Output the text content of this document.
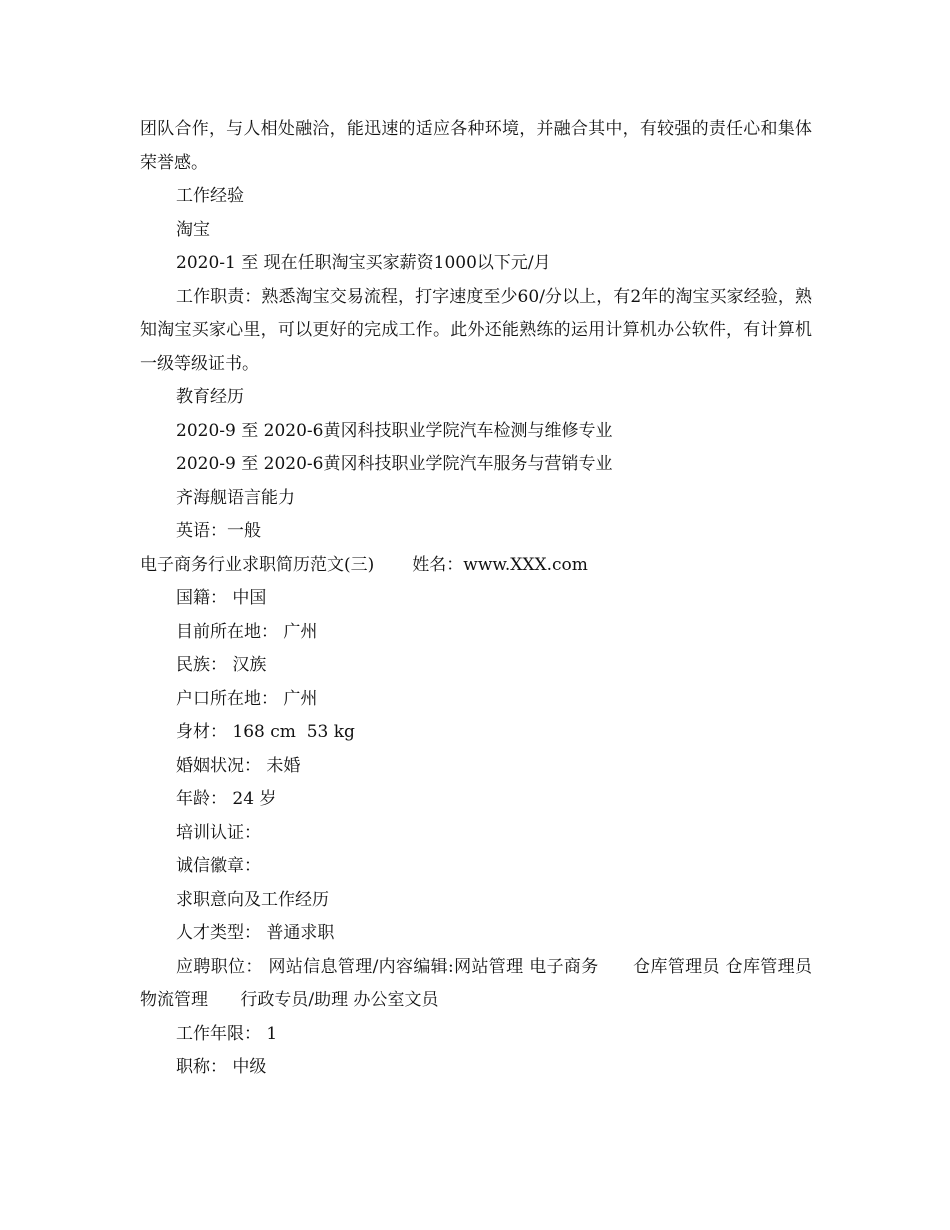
团队合作，与人相处融洽，能迅速的适应各种环境，并融合其中，有较强的责任心和集体荣誉感。

工作经验

淘宝

2020-1 至 现在任职淘宝买家薪资1000以下元/月

工作职责：熟悉淘宝交易流程，打字速度至少60/分以上，有2年的淘宝买家经验，熟知淘宝买家心里，可以更好的完成工作。此外还能熟练的运用计算机办公软件，有计算机一级等级证书。

教育经历

2020-9 至 2020-6黄冈科技职业学院汽车检测与维修专业

2020-9 至 2020-6黄冈科技职业学院汽车服务与营销专业

齐海舰语言能力

英语：一般

电子商务行业求职简历范文(三) 姓名：www.XXX.com

国籍： 中国

目前所在地： 广州

民族： 汉族

户口所在地： 广州

身材： 168 cm  53 kg

婚姻状况： 未婚

年龄： 24 岁

培训认证：

诚信徽章：

求职意向及工作经历

人才类型： 普通求职

应聘职位： 网站信息管理/内容编辑:网站管理 电子商务      仓库管理员 仓库管理员 物流管理      行政专员/助理 办公室文员

工作年限： 1

职称： 中级
